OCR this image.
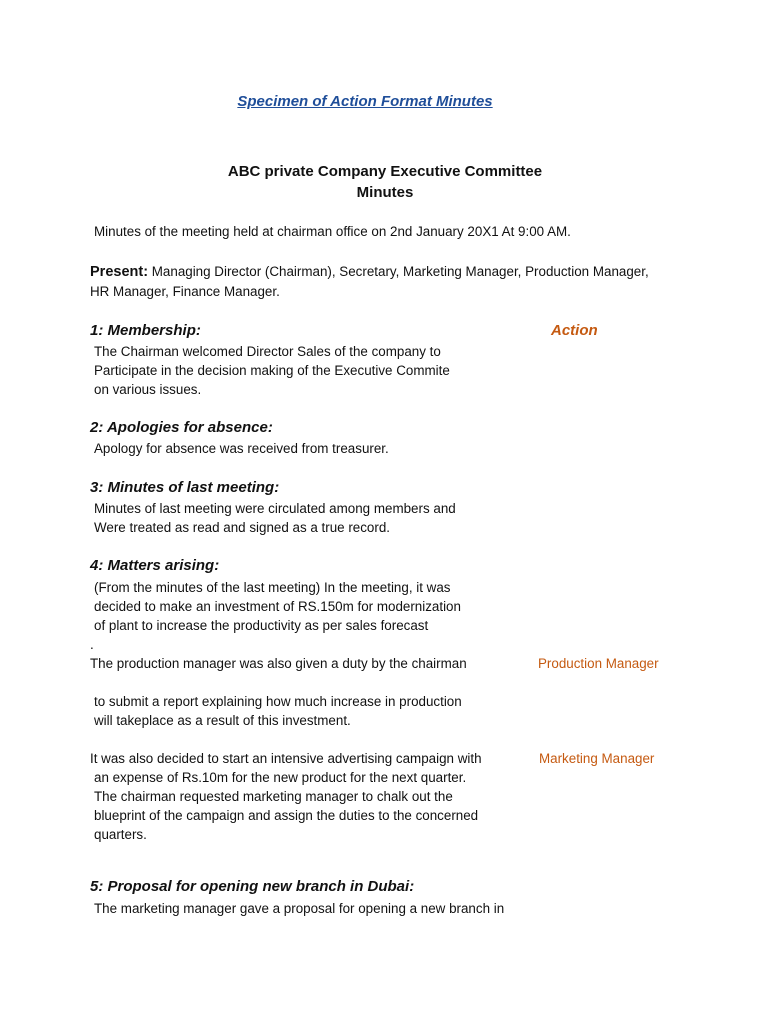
Specimen of Action Format Minutes
ABC private Company Executive Committee
Minutes
Minutes of the meeting held at chairman office on 2nd January 20X1 At 9:00 AM.
Present: Managing Director (Chairman), Secretary, Marketing Manager, Production Manager,
HR Manager, Finance Manager.
1: Membership:	Action
The Chairman welcomed Director Sales of the company to
Participate in the decision making of the Executive Commite
on various issues.
2: Apologies for absence:
Apology for absence was received from treasurer.
3: Minutes of last meeting:
Minutes of last meeting were circulated among members and
Were treated as read and signed as a true record.
4: Matters arising:
(From the minutes of the last meeting) In the meeting, it was
decided to make an investment of RS.150m for modernization
of plant to increase the productivity as per sales forecast
.
The production manager was also given a duty by the chairman	Production Manager
to submit a report explaining how much increase in production
will takeplace as a result of this investment.
It was also decided to start an intensive advertising campaign with	Marketing Manager
an expense of Rs.10m for the new product for the next quarter.
The chairman requested marketing manager to chalk out the
blueprint of the campaign and assign the duties to the concerned
quarters.
5: Proposal for opening new branch in Dubai:
The marketing manager gave a proposal for opening a new branch in
